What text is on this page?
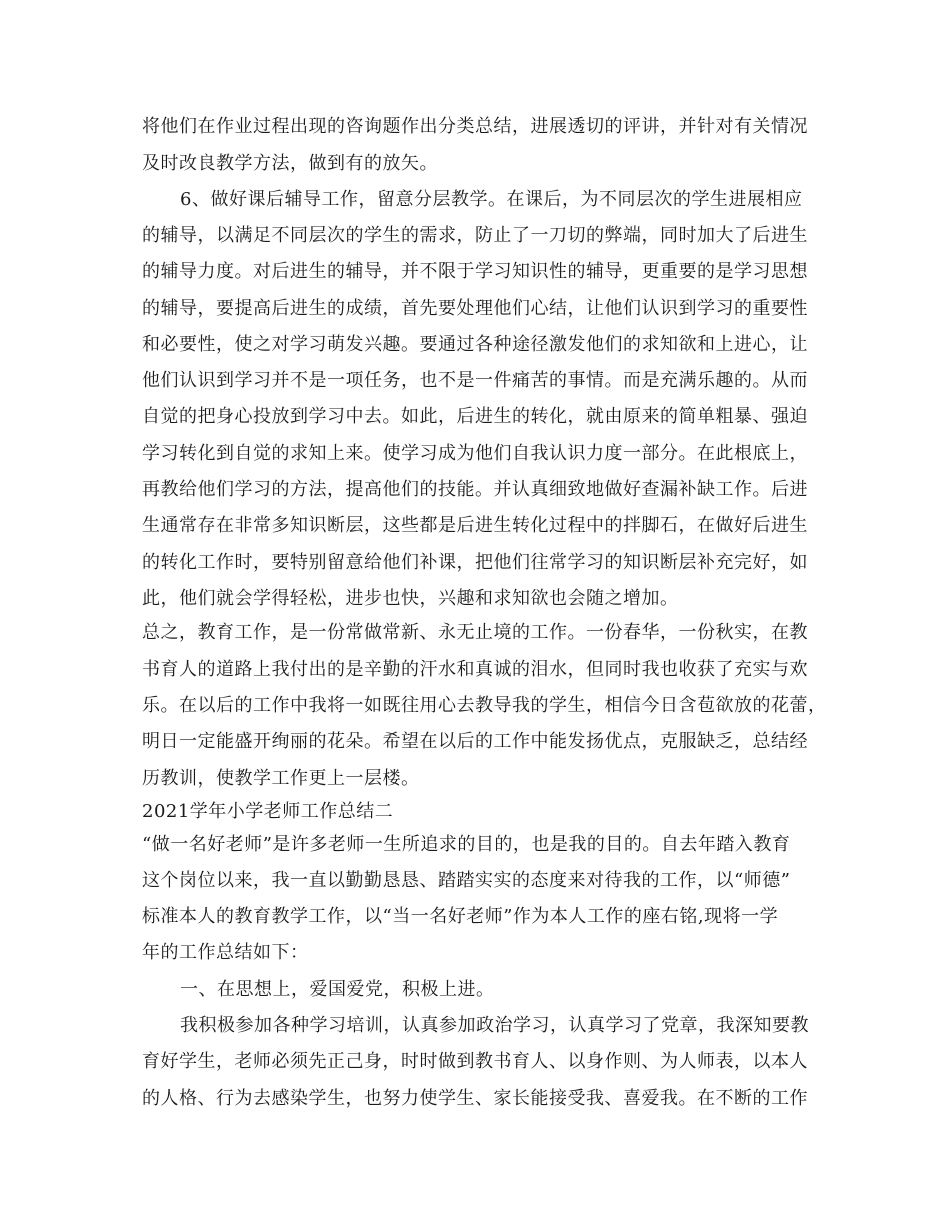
将他们在作业过程出现的咨询题作出分类总结，进展透切的评讲，并针对有关情况
及时改良教学方法，做到有的放矢。
6、做好课后辅导工作，留意分层教学。在课后，为不同层次的学生进展相应
的辅导，以满足不同层次的学生的需求，防止了一刀切的弊端，同时加大了后进生
的辅导力度。对后进生的辅导，并不限于学习知识性的辅导，更重要的是学习思想
的辅导，要提高后进生的成绩，首先要处理他们心结，让他们认识到学习的重要性
和必要性，使之对学习萌发兴趣。要通过各种途径激发他们的求知欲和上进心，让
他们认识到学习并不是一项任务，也不是一件痛苦的事情。而是充满乐趣的。从而
自觉的把身心投放到学习中去。如此，后进生的转化，就由原来的简单粗暴、强迫
学习转化到自觉的求知上来。使学习成为他们自我认识力度一部分。在此根底上，
再教给他们学习的方法，提高他们的技能。并认真细致地做好查漏补缺工作。后进
生通常存在非常多知识断层，这些都是后进生转化过程中的拌脚石，在做好后进生
的转化工作时，要特别留意给他们补课，把他们往常学习的知识断层补充完好，如
此，他们就会学得轻松，进步也快，兴趣和求知欲也会随之增加。
总之，教育工作，是一份常做常新、永无止境的工作。一份春华，一份秋实，在教
书育人的道路上我付出的是辛勤的汗水和真诚的泪水，但同时我也收获了充实与欢
乐。在以后的工作中我将一如既往用心去教导我的学生，相信今日含苞欲放的花蕾，
明日一定能盛开绚丽的花朵。希望在以后的工作中能发扬优点，克服缺乏，总结经
历教训，使教学工作更上一层楼。
2021学年小学老师工作总结二
“做一名好老师”是许多老师一生所追求的目的，也是我的目的。自去年踏入教育
这个岗位以来，我一直以勤勤恳恳、踏踏实实的态度来对待我的工作，以“师德”
标准本人的教育教学工作，以“当一名好老师”作为本人工作的座右铭,现将一学
年的工作总结如下：
一、在思想上，爱国爱党，积极上进。
我积极参加各种学习培训，认真参加政治学习，认真学习了党章，我深知要教
育好学生，老师必须先正己身，时时做到教书育人、以身作则、为人师表，以本人
的人格、行为去感染学生，也努力使学生、家长能接受我、喜爱我。在不断的工作
